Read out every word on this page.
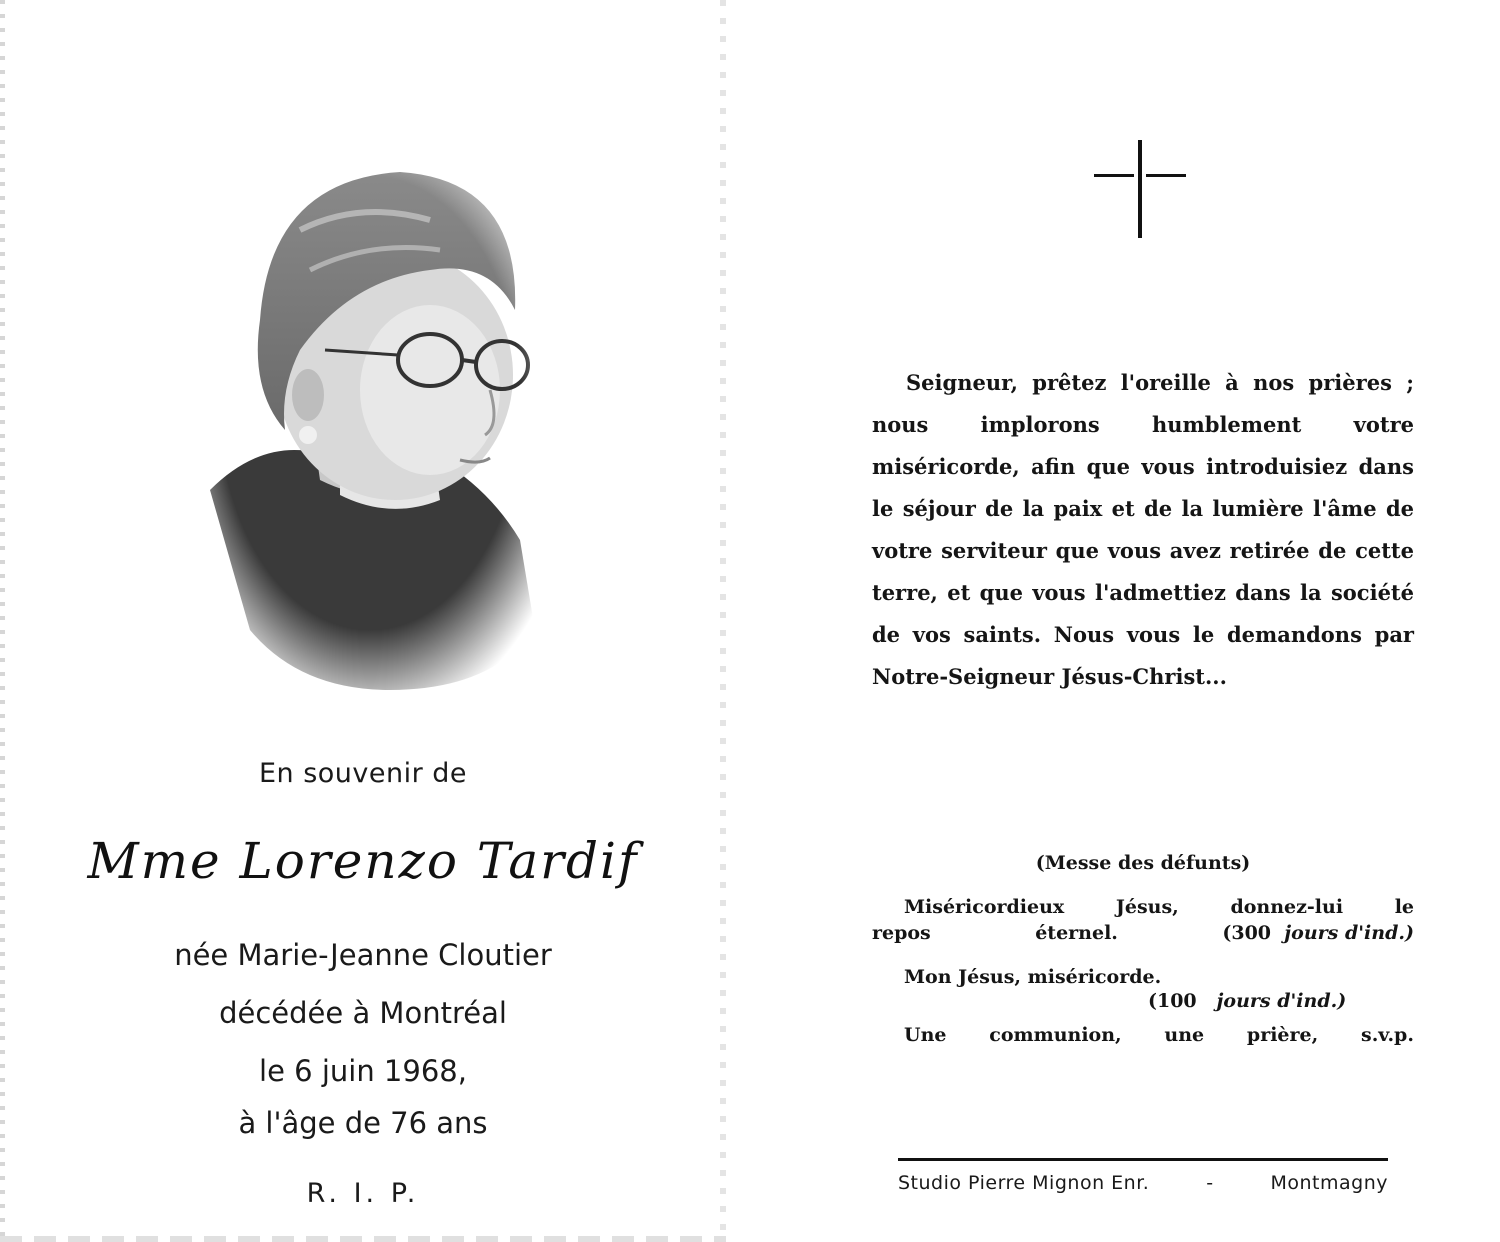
En souvenir de
Mme Lorenzo Tardif
née Marie-Jeanne Cloutier
décédée à Montréal
le 6 juin 1968,
à l'âge de 76 ans
R. I. P.
Seigneur, prêtez l'oreille à nos prières ; nous implorons humblement votre miséricorde, afin que vous introduisiez dans le séjour de la paix et de la lumière l'âme de votre serviteur que vous avez retirée de cette terre, et que vous l'admettiez dans la société de vos saints. Nous vous le demandons par Notre-Seigneur Jésus-Christ...
(Messe des défunts)
Miséricordieux	Jésus,	donnez-lui	le
repos	éternel.	(300 jours d'ind.)
Mon Jésus, miséricorde.
(100 jours d'ind.)
Une communion, une prière, s.v.p.
Studio Pierre Mignon Enr.	-	Montmagny
